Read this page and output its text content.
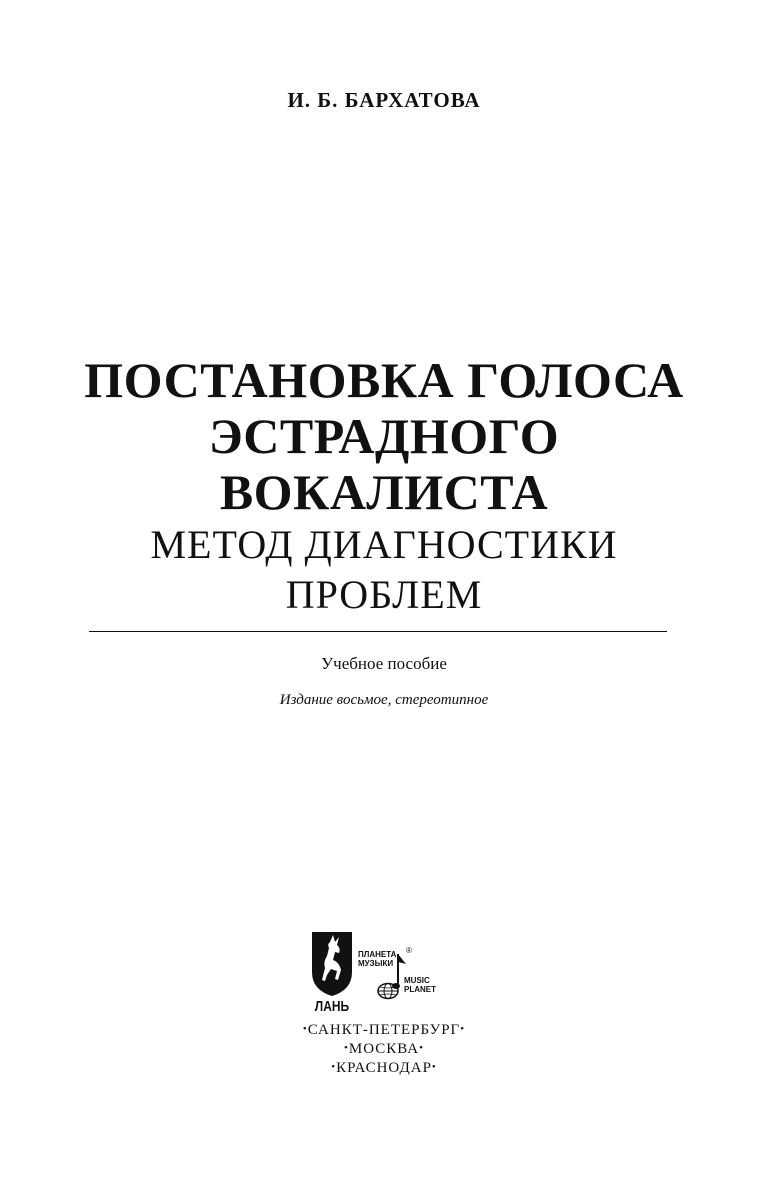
И. Б. БАРХАТОВА
ПОСТАНОВКА ГОЛОСА
ЭСТРАДНОГО
ВОКАЛИСТА
МЕТОД ДИАГНОСТИКИ
ПРОБЛЕМ
Учебное пособие
Издание восьмое, стереотипное
ЛАНЬ
ПЛАНЕТА
МУЗЫКИ
®
MUSIC
PLANET
•САНКТ-ПЕТЕРБУРГ•
•МОСКВА•
•КРАСНОДАР•
